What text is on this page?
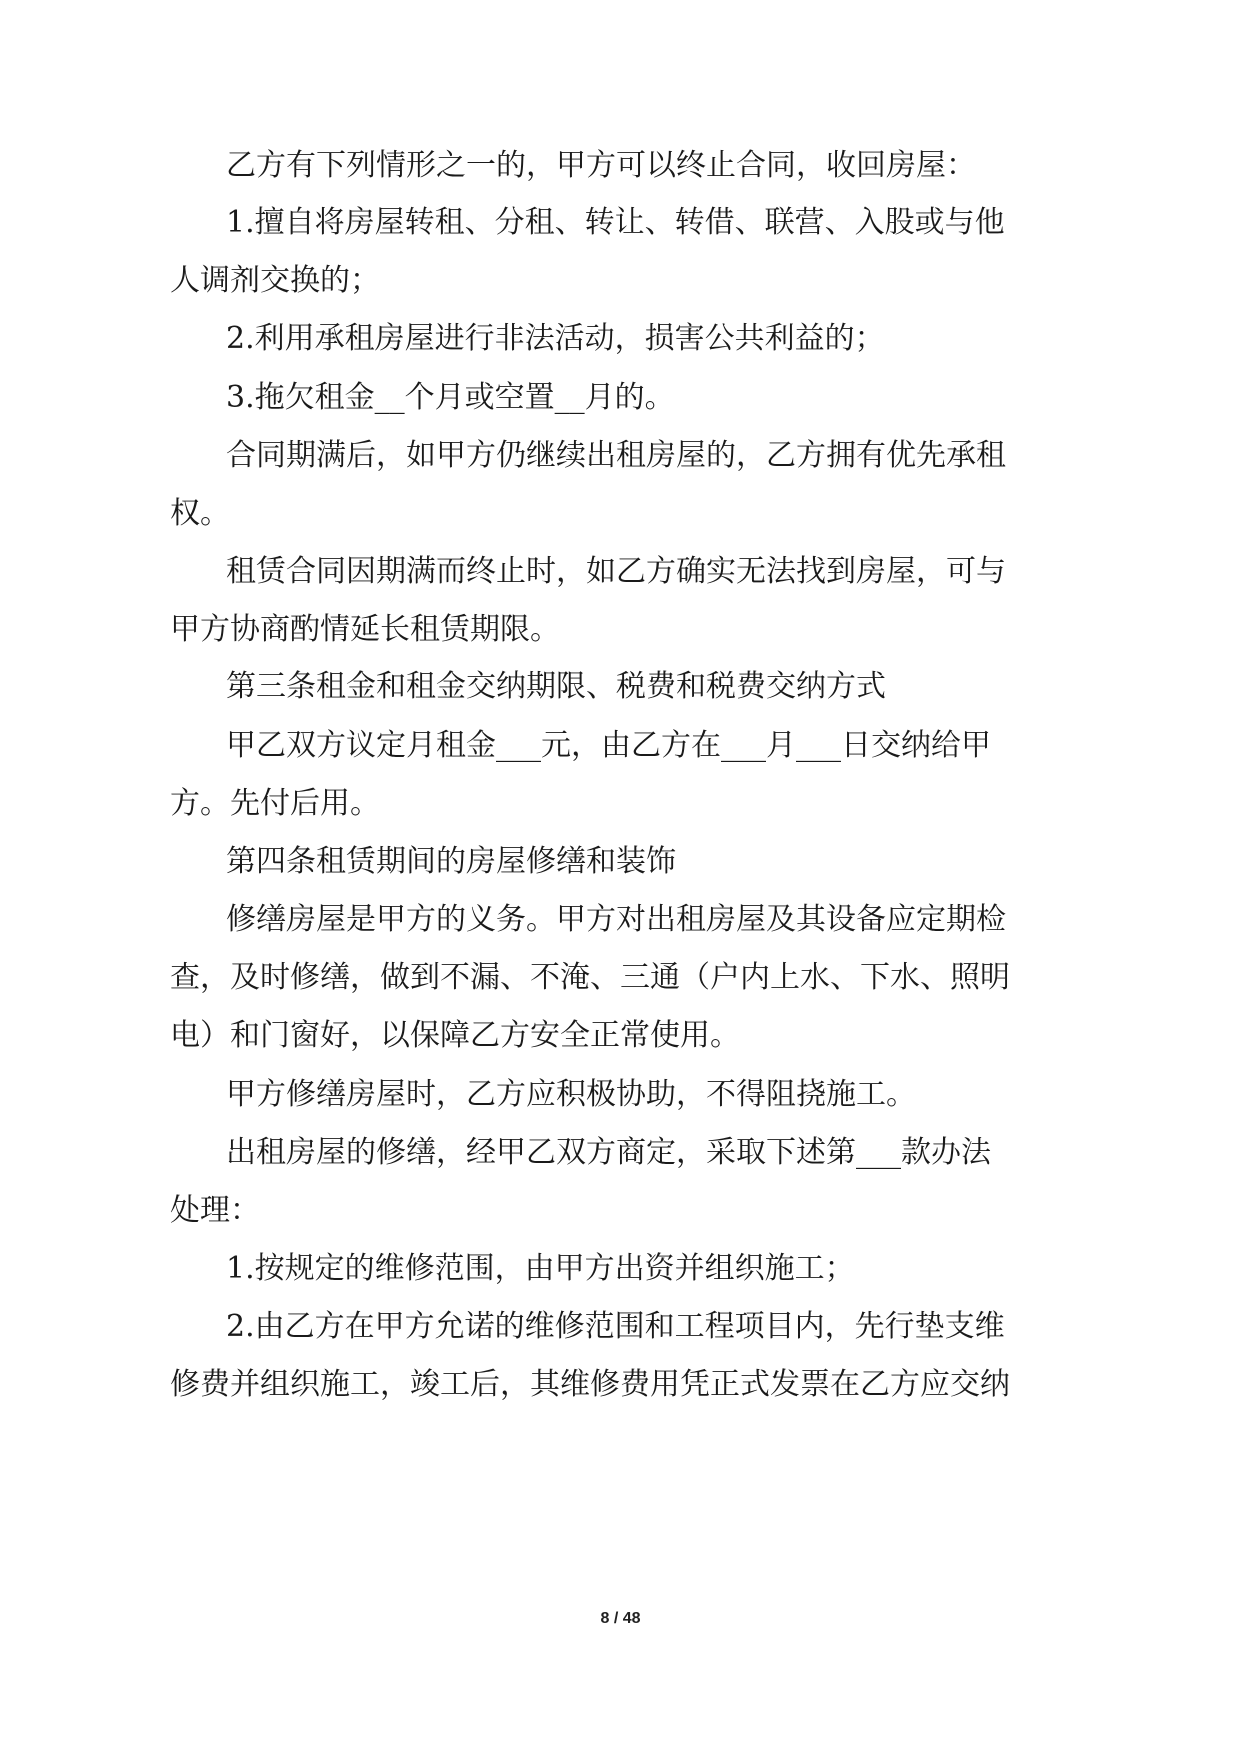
乙方有下列情形之一的，甲方可以终止合同，收回房屋：
1.擅自将房屋转租、分租、转让、转借、联营、入股或与他
人调剂交换的；
2.利用承租房屋进行非法活动，损害公共利益的；
3.拖欠租金__个月或空置__月的。
合同期满后，如甲方仍继续出租房屋的，乙方拥有优先承租
权。
租赁合同因期满而终止时，如乙方确实无法找到房屋，可与
甲方协商酌情延长租赁期限。
第三条租金和租金交纳期限、税费和税费交纳方式
甲乙双方议定月租金___元，由乙方在___月___日交纳给甲
方。先付后用。
第四条租赁期间的房屋修缮和装饰
修缮房屋是甲方的义务。甲方对出租房屋及其设备应定期检
查，及时修缮，做到不漏、不淹、三通（户内上水、下水、照明
电）和门窗好，以保障乙方安全正常使用。
甲方修缮房屋时，乙方应积极协助，不得阻挠施工。
出租房屋的修缮，经甲乙双方商定，采取下述第___款办法
处理：
1.按规定的维修范围，由甲方出资并组织施工；
2.由乙方在甲方允诺的维修范围和工程项目内，先行垫支维
修费并组织施工，竣工后，其维修费用凭正式发票在乙方应交纳
8 / 48
